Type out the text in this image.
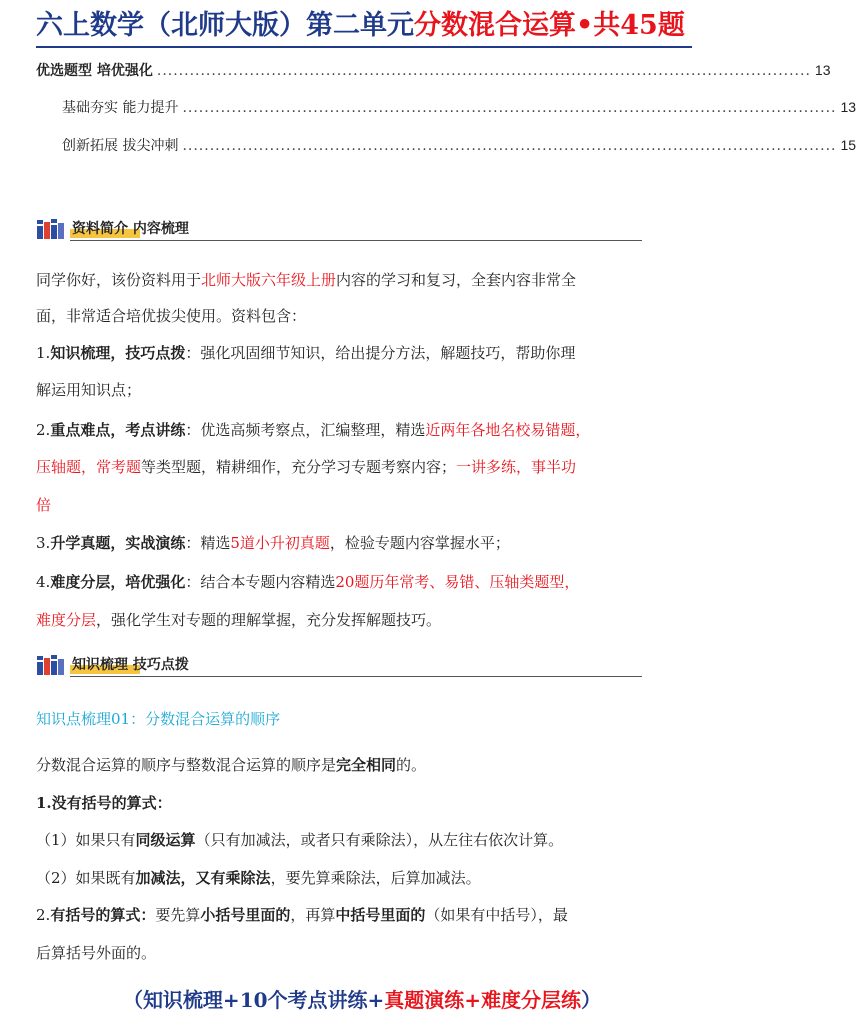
六上数学（北师大版）第二单元分数混合运算•共45题
优选题型 培优强化 ........................................................................................................................ 13
基础夯实 能力提升 ........................................................................................................................ 13
创新拓展 拔尖冲刺 ........................................................................................................................ 15
资料简介 内容梳理
同学你好，该份资料用于北师大版六年级上册内容的学习和复习，全套内容非常全
面，非常适合培优拔尖使用。资料包含：
1.知识梳理，技巧点拨：强化巩固细节知识，给出提分方法，解题技巧，帮助你理
解运用知识点；
2.重点难点，考点讲练：优选高频考察点，汇编整理，精选近两年各地名校易错题，
压轴题，常考题等类型题，精耕细作，充分学习专题考察内容；一讲多练，事半功
倍
3.升学真题，实战演练：精选5道小升初真题，检验专题内容掌握水平；
4.难度分层，培优强化：结合本专题内容精选20题历年常考、易错、压轴类题型，
难度分层，强化学生对专题的理解掌握，充分发挥解题技巧。
知识梳理 技巧点拨
知识点梳理01：分数混合运算的顺序
分数混合运算的顺序与整数混合运算的顺序是完全相同的。
1.没有括号的算式：
（1）如果只有同级运算（只有加减法，或者只有乘除法），从左往右依次计算。
（2）如果既有加减法，又有乘除法，要先算乘除法，后算加减法。
2.有括号的算式：要先算小括号里面的，再算中括号里面的（如果有中括号），最
后算括号外面的。
（知识梳理+10个考点讲练+真题演练+难度分层练）
